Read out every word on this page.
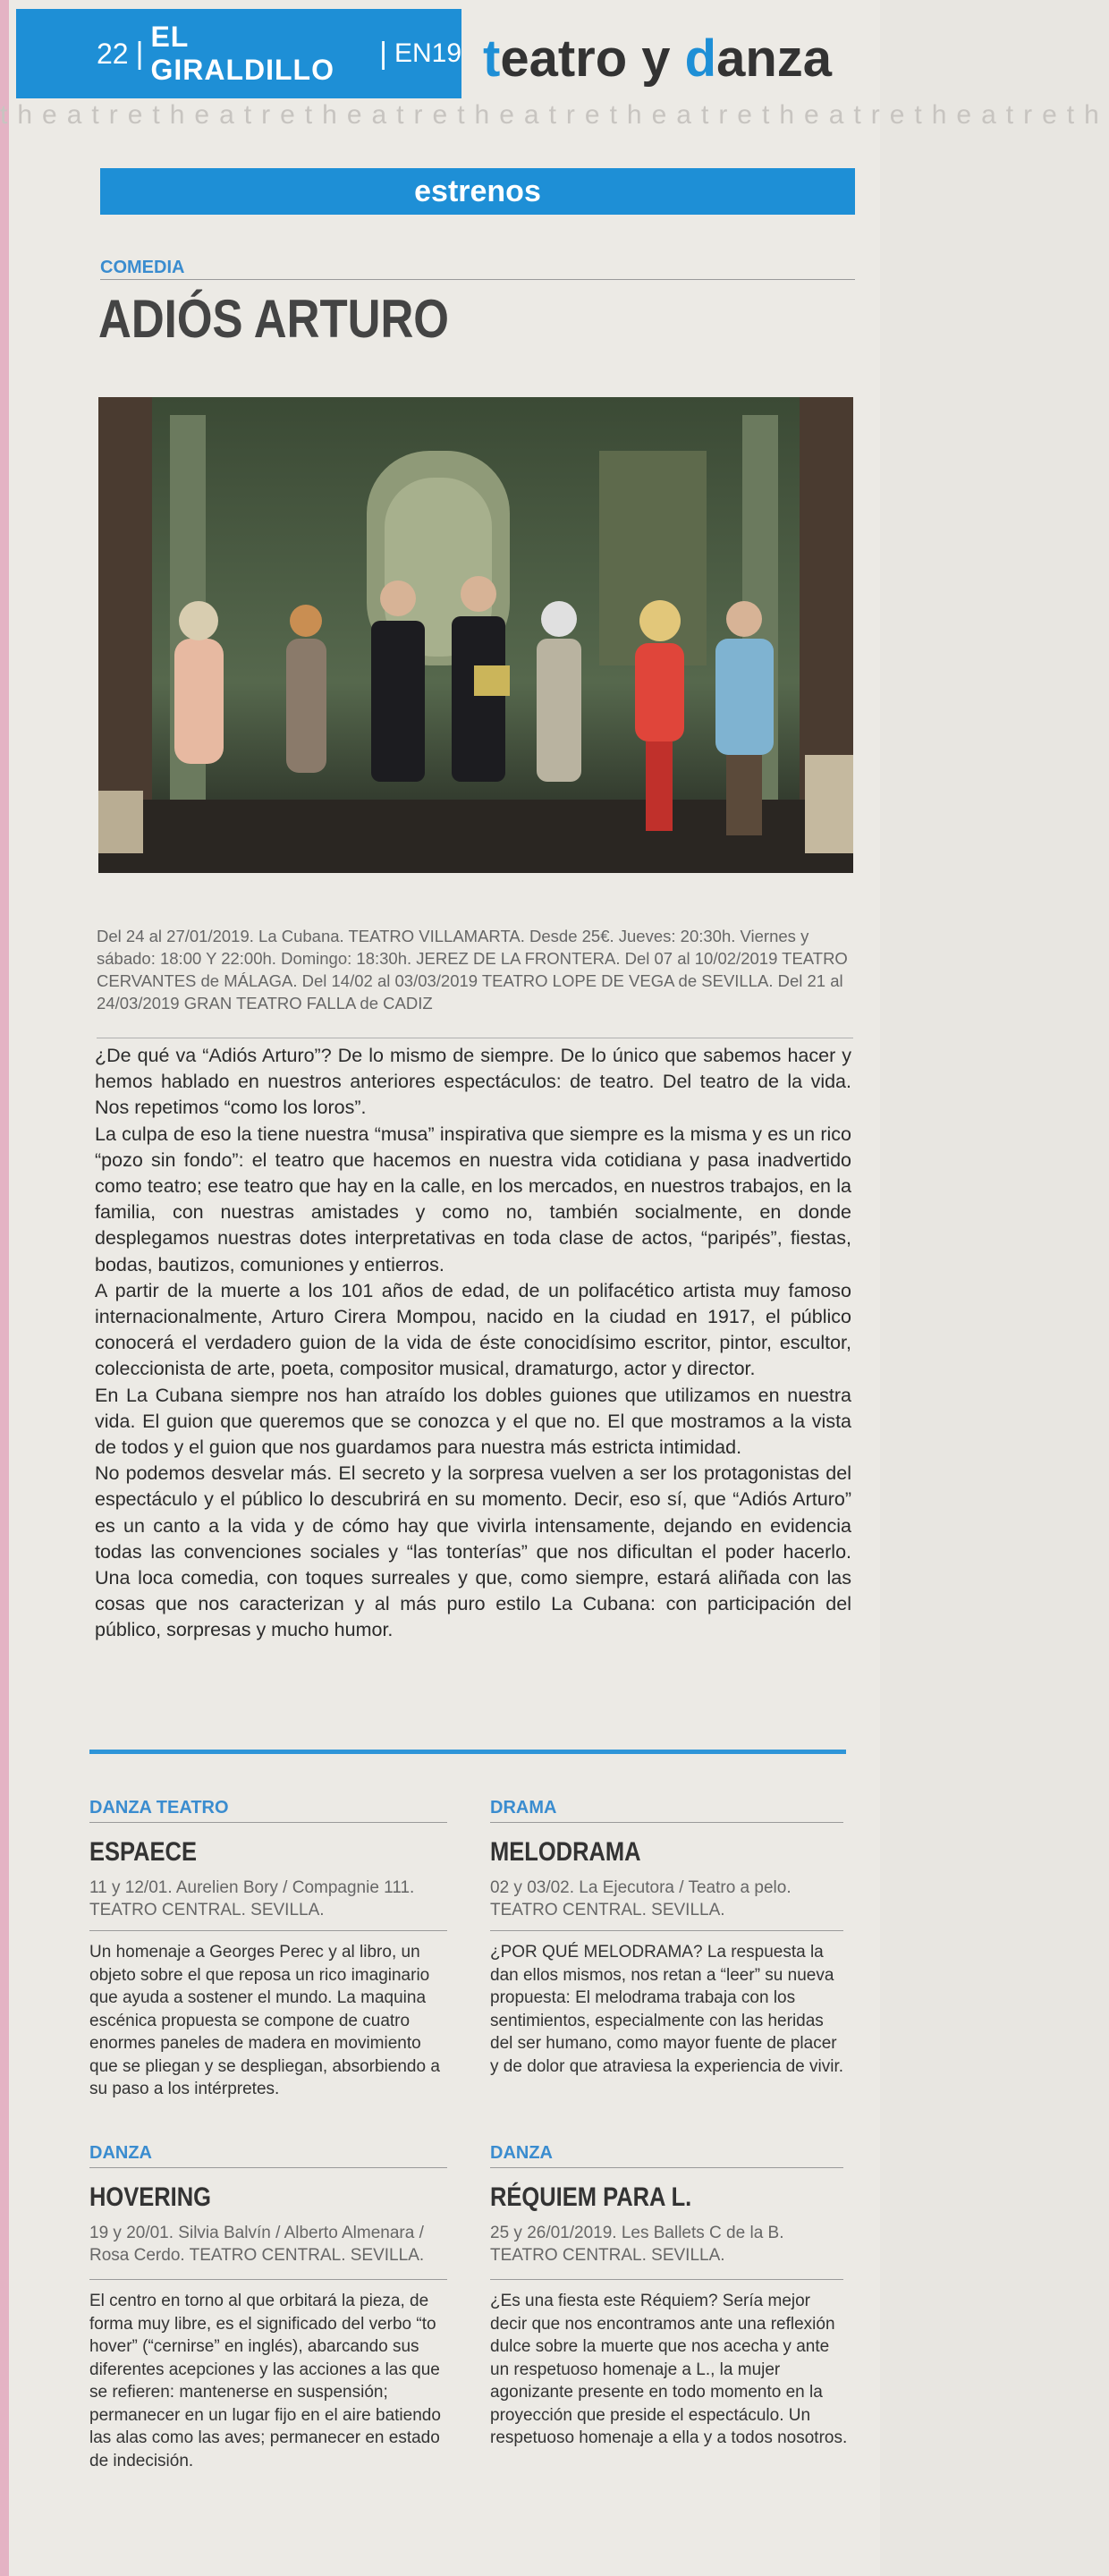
22 | EL GIRALDILLO	| EN19 teatro y danza
theatretheatretheatretheatretheatretheatretheatreth
estrenos
COMEDIA
ADIÓS ARTURO
Del 24 al 27/01/2019. La Cubana. TEATRO VILLAMARTA. Desde 25€. Jueves: 20:30h. Viernes y sábado: 18:00 Y 22:00h. Domingo: 18:30h. JEREZ DE LA FRONTERA. Del 07 al 10/02/2019 TEATRO CERVANTES de MÁLAGA. Del 14/02 al 03/03/2019 TEATRO LOPE DE VEGA de SEVILLA. Del 21 al 24/03/2019 GRAN TEATRO FALLA de CADIZ

¿De qué va “Adiós Arturo”? De lo mismo de siempre. De lo único que sabemos hacer y hemos hablado en nuestros anteriores espectáculos: de teatro. Del teatro de la vida. Nos repetimos “como los loros”.

La culpa de eso la tiene nuestra “musa” inspirativa que siempre es la misma y es un rico “pozo sin fondo”: el teatro que hacemos en nuestra vida cotidiana y pasa inadvertido como teatro; ese teatro que hay en la calle, en los mercados, en nuestros trabajos, en la familia, con nuestras amistades y como no, también socialmente, en donde desplegamos nuestras dotes interpretativas en toda clase de actos, “paripés”, fiestas, bodas, bautizos, comuniones y entierros.

A partir de la muerte a los 101 años de edad, de un polifacético artista muy famoso internacionalmente, Arturo Cirera Mompou, nacido en la ciudad en 1917, el público conocerá el verdadero guion de la vida de éste conocidísimo escritor, pintor, escultor, coleccionista de arte, poeta, compositor musical, dramaturgo, actor y director.

En La Cubana siempre nos han atraído los dobles guiones que utilizamos en nuestra vida. El guion que queremos que se conozca y el que no. El que mostramos a la vista de todos y el guion que nos guardamos para nuestra más estricta intimidad.

No podemos desvelar más. El secreto y la sorpresa vuelven a ser los protagonistas del espectáculo y el público lo descubrirá en su momento. Decir, eso sí, que “Adiós Arturo” es un canto a la vida y de cómo hay que vivirla intensamente, dejando en evidencia todas las convenciones sociales y “las tonterías” que nos dificultan el poder hacerlo. Una loca comedia, con toques surreales y que, como siempre, estará aliñada con las cosas que nos caracterizan y al más puro estilo La Cubana: con participación del público, sorpresas y mucho humor.

DANZA TEATRO
ESPAECE
11 y 12/01. Aurelien Bory / Compagnie 111. TEATRO CENTRAL. SEVILLA.
Un homenaje a Georges Perec y al libro, un objeto sobre el que reposa un rico imaginario que ayuda a sostener el mundo. La maquina escénica propuesta se compone de cuatro enormes paneles de madera en movimiento que se pliegan y se despliegan, absorbiendo a su paso a los intérpretes.
DRAMA
MELODRAMA
02 y 03/02. La Ejecutora / Teatro a pelo. TEATRO CENTRAL. SEVILLA.
¿POR QUÉ MELODRAMA? La respuesta la dan ellos mismos, nos retan a “leer” su nueva propuesta: El melodrama trabaja con los sentimientos, especialmente con las heridas del ser humano, como mayor fuente de placer y de dolor que atraviesa la experiencia de vivir.
DANZA
HOVERING
19 y 20/01. Silvia Balvín / Alberto Almenara / Rosa Cerdo. TEATRO CENTRAL. SEVILLA.
El centro en torno al que orbitará la pieza, de forma muy libre, es el significado del verbo “to hover” (“cernirse” en inglés), abarcando sus diferentes acepciones y las acciones a las que se refieren: mantenerse en suspensión; permanecer en un lugar fijo en el aire batiendo las alas como las aves; permanecer en estado de indecisión.
DANZA
RÉQUIEM PARA L.
25 y 26/01/2019. Les Ballets C de la B. TEATRO CENTRAL. SEVILLA.
¿Es una fiesta este Réquiem? Sería mejor decir que nos encontramos ante una reflexión dulce sobre la muerte que nos acecha y ante un respetuoso homenaje a L., la mujer agonizante presente en todo momento en la proyección que preside el espectáculo. Un respetuoso homenaje a ella y a todos nosotros.
